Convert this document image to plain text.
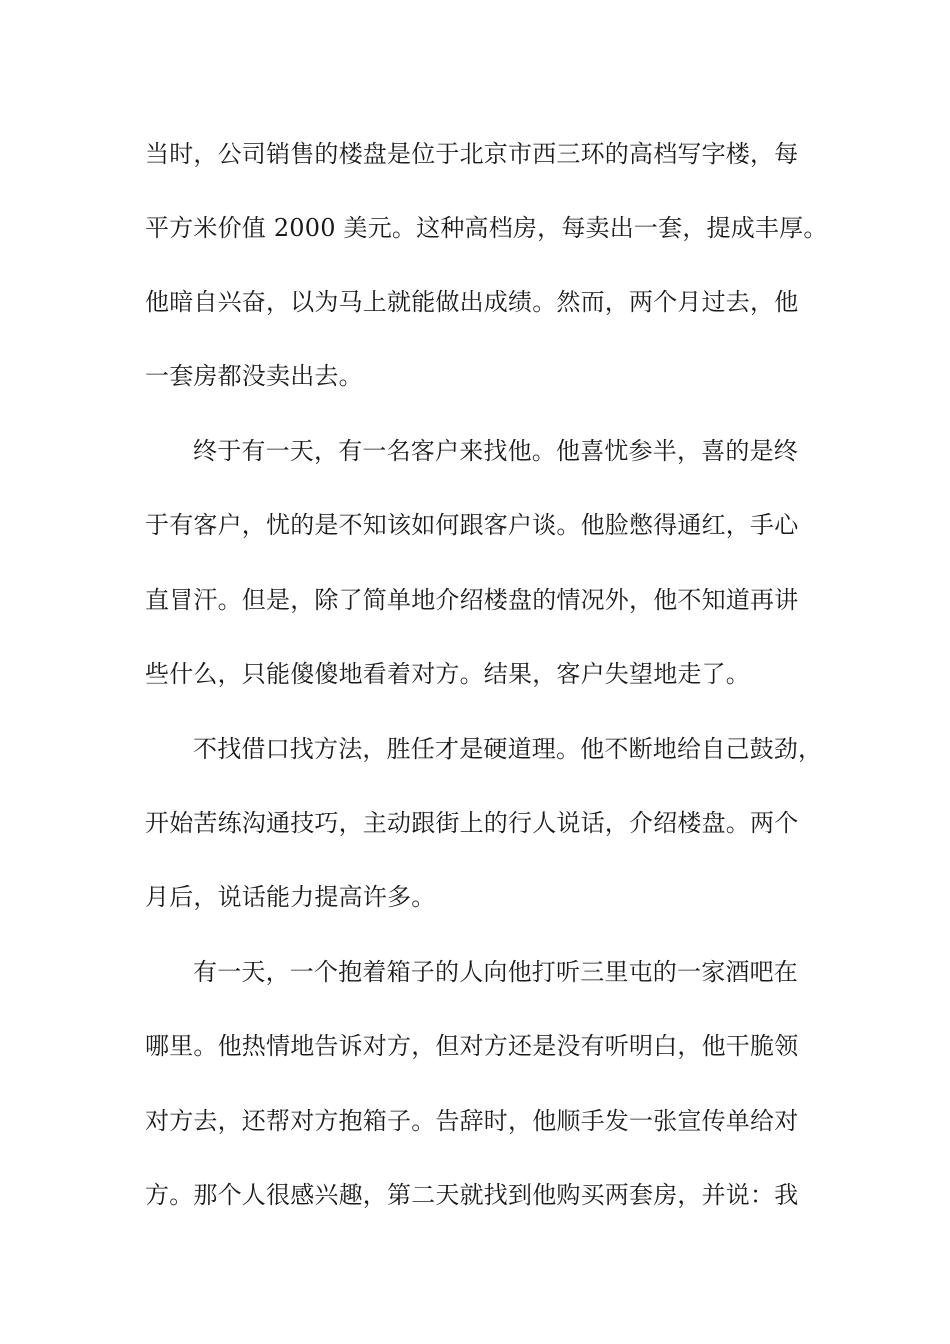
当时，公司销售的楼盘是位于北京市西三环的高档写字楼，每
平方米价值 2000 美元。这种高档房，每卖出一套，提成丰厚。
他暗自兴奋，以为马上就能做出成绩。然而，两个月过去，他
一套房都没卖出去。
终于有一天，有一名客户来找他。他喜忧参半，喜的是终
于有客户，忧的是不知该如何跟客户谈。他脸憋得通红，手心
直冒汗。但是，除了简单地介绍楼盘的情况外，他不知道再讲
些什么，只能傻傻地看着对方。结果，客户失望地走了。
不找借口找方法，胜任才是硬道理。他不断地给自己鼓劲，
开始苦练沟通技巧，主动跟街上的行人说话，介绍楼盘。两个
月后，说话能力提高许多。
有一天，一个抱着箱子的人向他打听三里屯的一家酒吧在
哪里。他热情地告诉对方，但对方还是没有听明白，他干脆领
对方去，还帮对方抱箱子。告辞时，他顺手发一张宣传单给对
方。那个人很感兴趣，第二天就找到他购买两套房，并说：我
